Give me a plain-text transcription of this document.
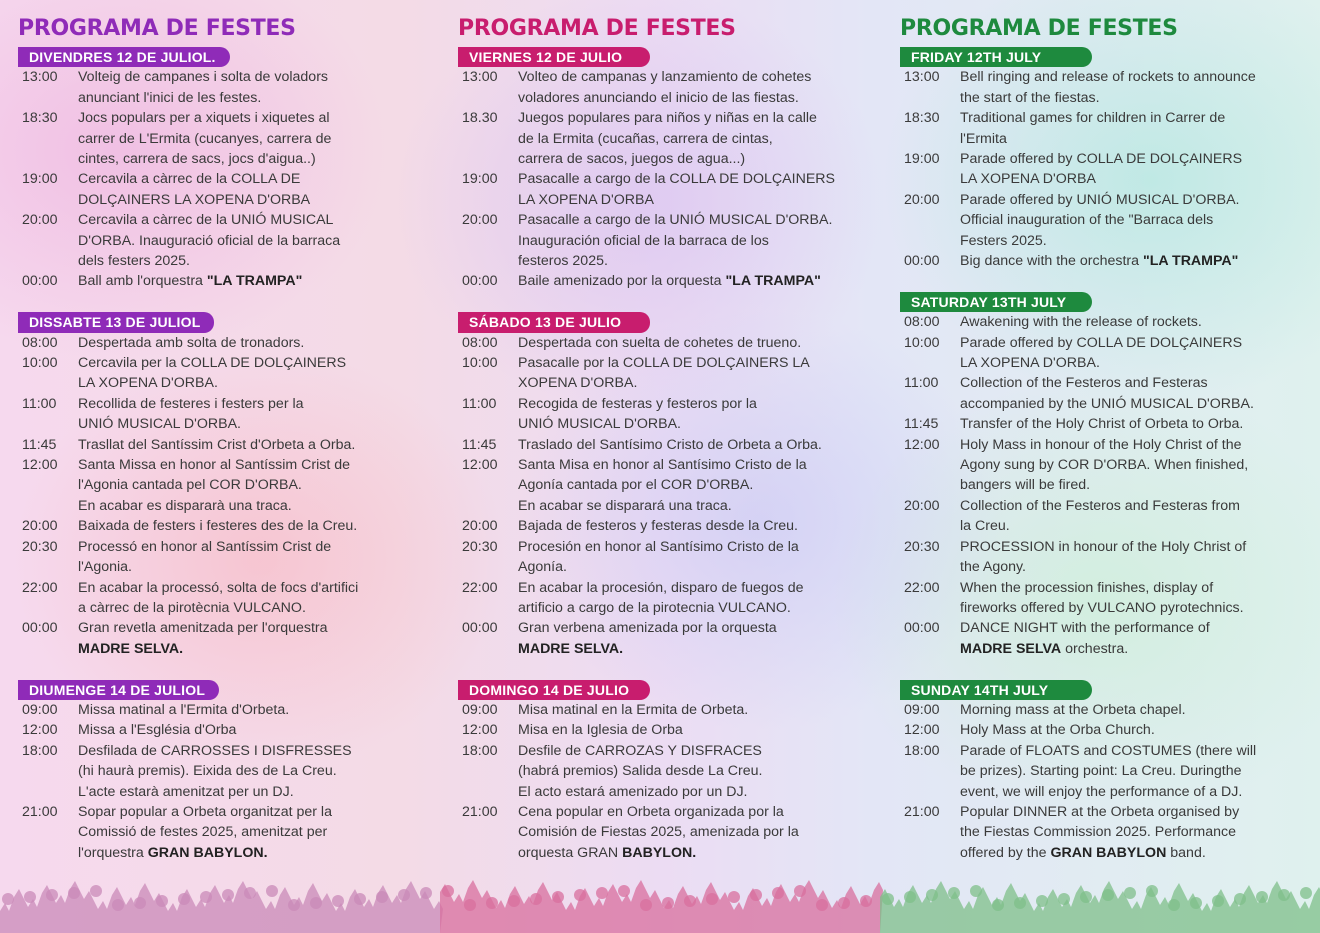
PROGRAMA DE FESTES
DIVENDRES 12 DE JULIOL.
13:00	Volteig de campanes i solta de voladors
anunciant l'inici de les festes.
18:30	Jocs populars per a xiquets i xiquetes al
carrer de L'Ermita (cucanyes, carrera de
cintes, carrera de sacs, jocs d'aigua..)
19:00	Cercavila a càrrec de la COLLA DE
DOLÇAINERS LA XOPENA D'ORBA
20:00	Cercavila a càrrec de la UNIÓ MUSICAL
D'ORBA. Inauguració oficial de la barraca
dels festers 2025.
00:00	Ball amb l'orquestra "LA TRAMPA"
DISSABTE 13 DE JULIOL
08:00	Despertada amb solta de tronadors.
10:00	Cercavila per la COLLA DE DOLÇAINERS
LA XOPENA D'ORBA.
11:00	Recollida de festeres i festers per la
UNIÓ MUSICAL D'ORBA.
11:45	Trasllat del Santíssim Crist d'Orbeta a Orba.
12:00	Santa Missa en honor al Santíssim Crist de
l'Agonia cantada pel COR D'ORBA.
En acabar es dispararà una traca.
20:00	Baixada de festers i festeres des de la Creu.
20:30	Processó en honor al Santíssim Crist de
l'Agonia.
22:00	En acabar la processó, solta de focs d'artifici
a càrrec de la pirotècnia VULCANO.
00:00	Gran revetla amenitzada per l'orquestra
MADRE SELVA.
DIUMENGE 14 DE JULIOL
09:00	Missa matinal a l'Ermita d'Orbeta.
12:00	Missa a l'Església d'Orba
18:00	Desfilada de CARROSSES I DISFRESSES
(hi haurà premis). Eixida des de La Creu.
L'acte estarà amenitzat per un DJ.
21:00	Sopar popular a Orbeta organitzat per la
Comissió de festes 2025, amenitzat per
l'orquestra GRAN BABYLON.
PROGRAMA DE FESTES
VIERNES 12 DE JULIO
13:00	Volteo de campanas y lanzamiento de cohetes
voladores anunciando el inicio de las fiestas.
18.30	Juegos populares para niños y niñas en la calle
de la Ermita (cucañas, carrera de cintas,
carrera de sacos, juegos de agua...)
19:00	Pasacalle a cargo de la COLLA DE DOLÇAINERS
LA XOPENA D'ORBA
20:00	Pasacalle a cargo de la UNIÓ MUSICAL D'ORBA.
Inauguración oficial de la barraca de los
festeros 2025.
00:00	Baile amenizado por la orquesta "LA TRAMPA"
SÁBADO 13 DE JULIO
08:00	Despertada con suelta de cohetes de trueno.
10:00	Pasacalle por la COLLA DE DOLÇAINERS LA
XOPENA D'ORBA.
11:00	Recogida de festeras y festeros por la
UNIÓ MUSICAL D'ORBA.
11:45	Traslado del Santísimo Cristo de Orbeta a Orba.
12:00	Santa Misa en honor al Santísimo Cristo de la
Agonía cantada por el COR D'ORBA.
En acabar se disparará una traca.
20:00	Bajada de festeros y festeras desde la Creu.
20:30	Procesión en honor al Santísimo Cristo de la
Agonía.
22:00	En acabar la procesión, disparo de fuegos de
artificio a cargo de la pirotecnia VULCANO.
00:00	Gran verbena amenizada por la orquesta
MADRE SELVA.
DOMINGO 14 DE JULIO
09:00	Misa matinal en la Ermita de Orbeta.
12:00	Misa en la Iglesia de Orba
18:00	Desfile de CARROZAS Y DISFRACES
(habrá premios) Salida desde La Creu.
El acto estará amenizado por un DJ.
21:00	Cena popular en Orbeta organizada por la
Comisión de Fiestas 2025, amenizada por la
orquesta GRAN BABYLON.
PROGRAMA DE FESTES
FRIDAY 12TH JULY
13:00	Bell ringing and release of rockets to announce
the start of the fiestas.
18:30	Traditional games for children in Carrer de
l'Ermita
19:00	Parade offered by COLLA DE DOLÇAINERS
LA XOPENA D'ORBA
20:00	Parade offered by UNIÓ MUSICAL D'ORBA.
Official inauguration of the "Barraca dels
Festers 2025.
00:00	Big dance with the orchestra "LA TRAMPA"
SATURDAY 13TH JULY
08:00	Awakening with the release of rockets.
10:00	Parade offered by COLLA DE DOLÇAINERS
LA XOPENA D'ORBA.
11:00	Collection of the Festeros and Festeras
accompanied by the UNIÓ MUSICAL D'ORBA.
11:45	Transfer of the Holy Christ of Orbeta to Orba.
12:00	Holy Mass in honour of the Holy Christ of the
Agony sung by COR D'ORBA. When finished,
bangers will be fired.
20:00	Collection of the Festeros and Festeras from
la Creu.
20:30	PROCESSION in honour of the Holy Christ of
the Agony.
22:00	When the procession finishes, display of
fireworks offered by VULCANO pyrotechnics.
00:00	DANCE NIGHT with the performance of
MADRE SELVA orchestra.
SUNDAY 14TH JULY
09:00	Morning mass at the Orbeta chapel.
12:00	Holy Mass at the Orba Church.
18:00	Parade of FLOATS and COSTUMES (there will
be prizes). Starting point: La Creu. Duringthe
event, we will enjoy the performance of a DJ.
21:00	Popular DINNER at the Orbeta organised by
the Fiestas Commission 2025. Performance
offered by the GRAN BABYLON band.
